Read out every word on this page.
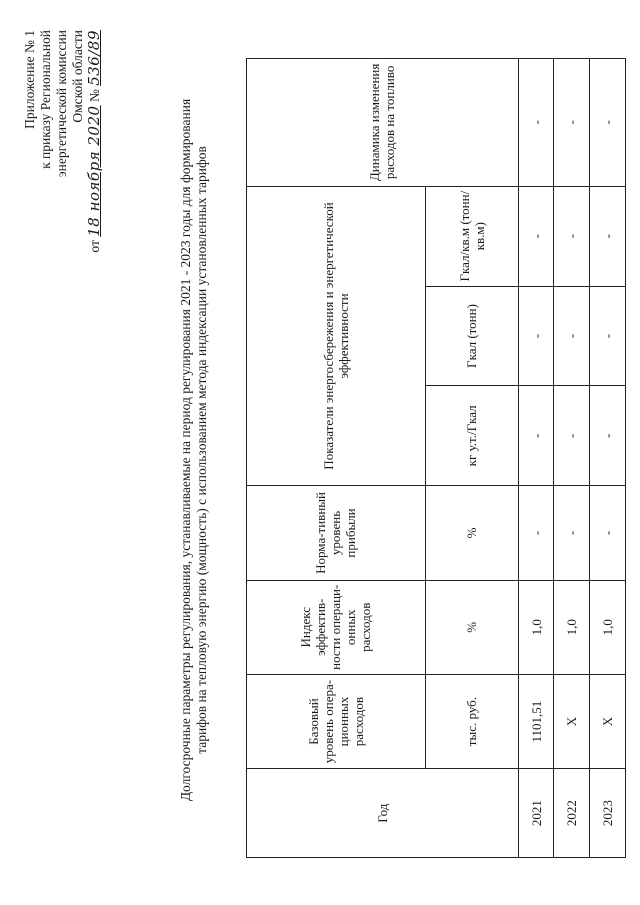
Приложение № 1 к приказу Региональной энергетической комиссии Омской области
от 18 ноября 2020 № 536/89
Долгосрочные параметры регулирования, устанавливаемые на период регулирования 2021 - 2023 годы для формирования тарифов на тепловую энергию (мощность) с использованием метода индексации установленных тарифов
Год	Базовый уровень опера-ционных расходов	Индекс эффектив-ности операци-онных расходов	Норма-тивный уровень прибыли	Показатели энергосбережения и энергетической эффективности			Динамика изменения расходов на топливо
	тыс. руб.	%	%	кг у.т./Гкал	Гкал (тонн)	Гкал/кв.м (тонн/кв.м)	
2021	1101,51	1,0	-	-	-	-	-
2022	Х	1,0	-	-	-	-	-
2023	Х	1,0	-	-	-	-	-
